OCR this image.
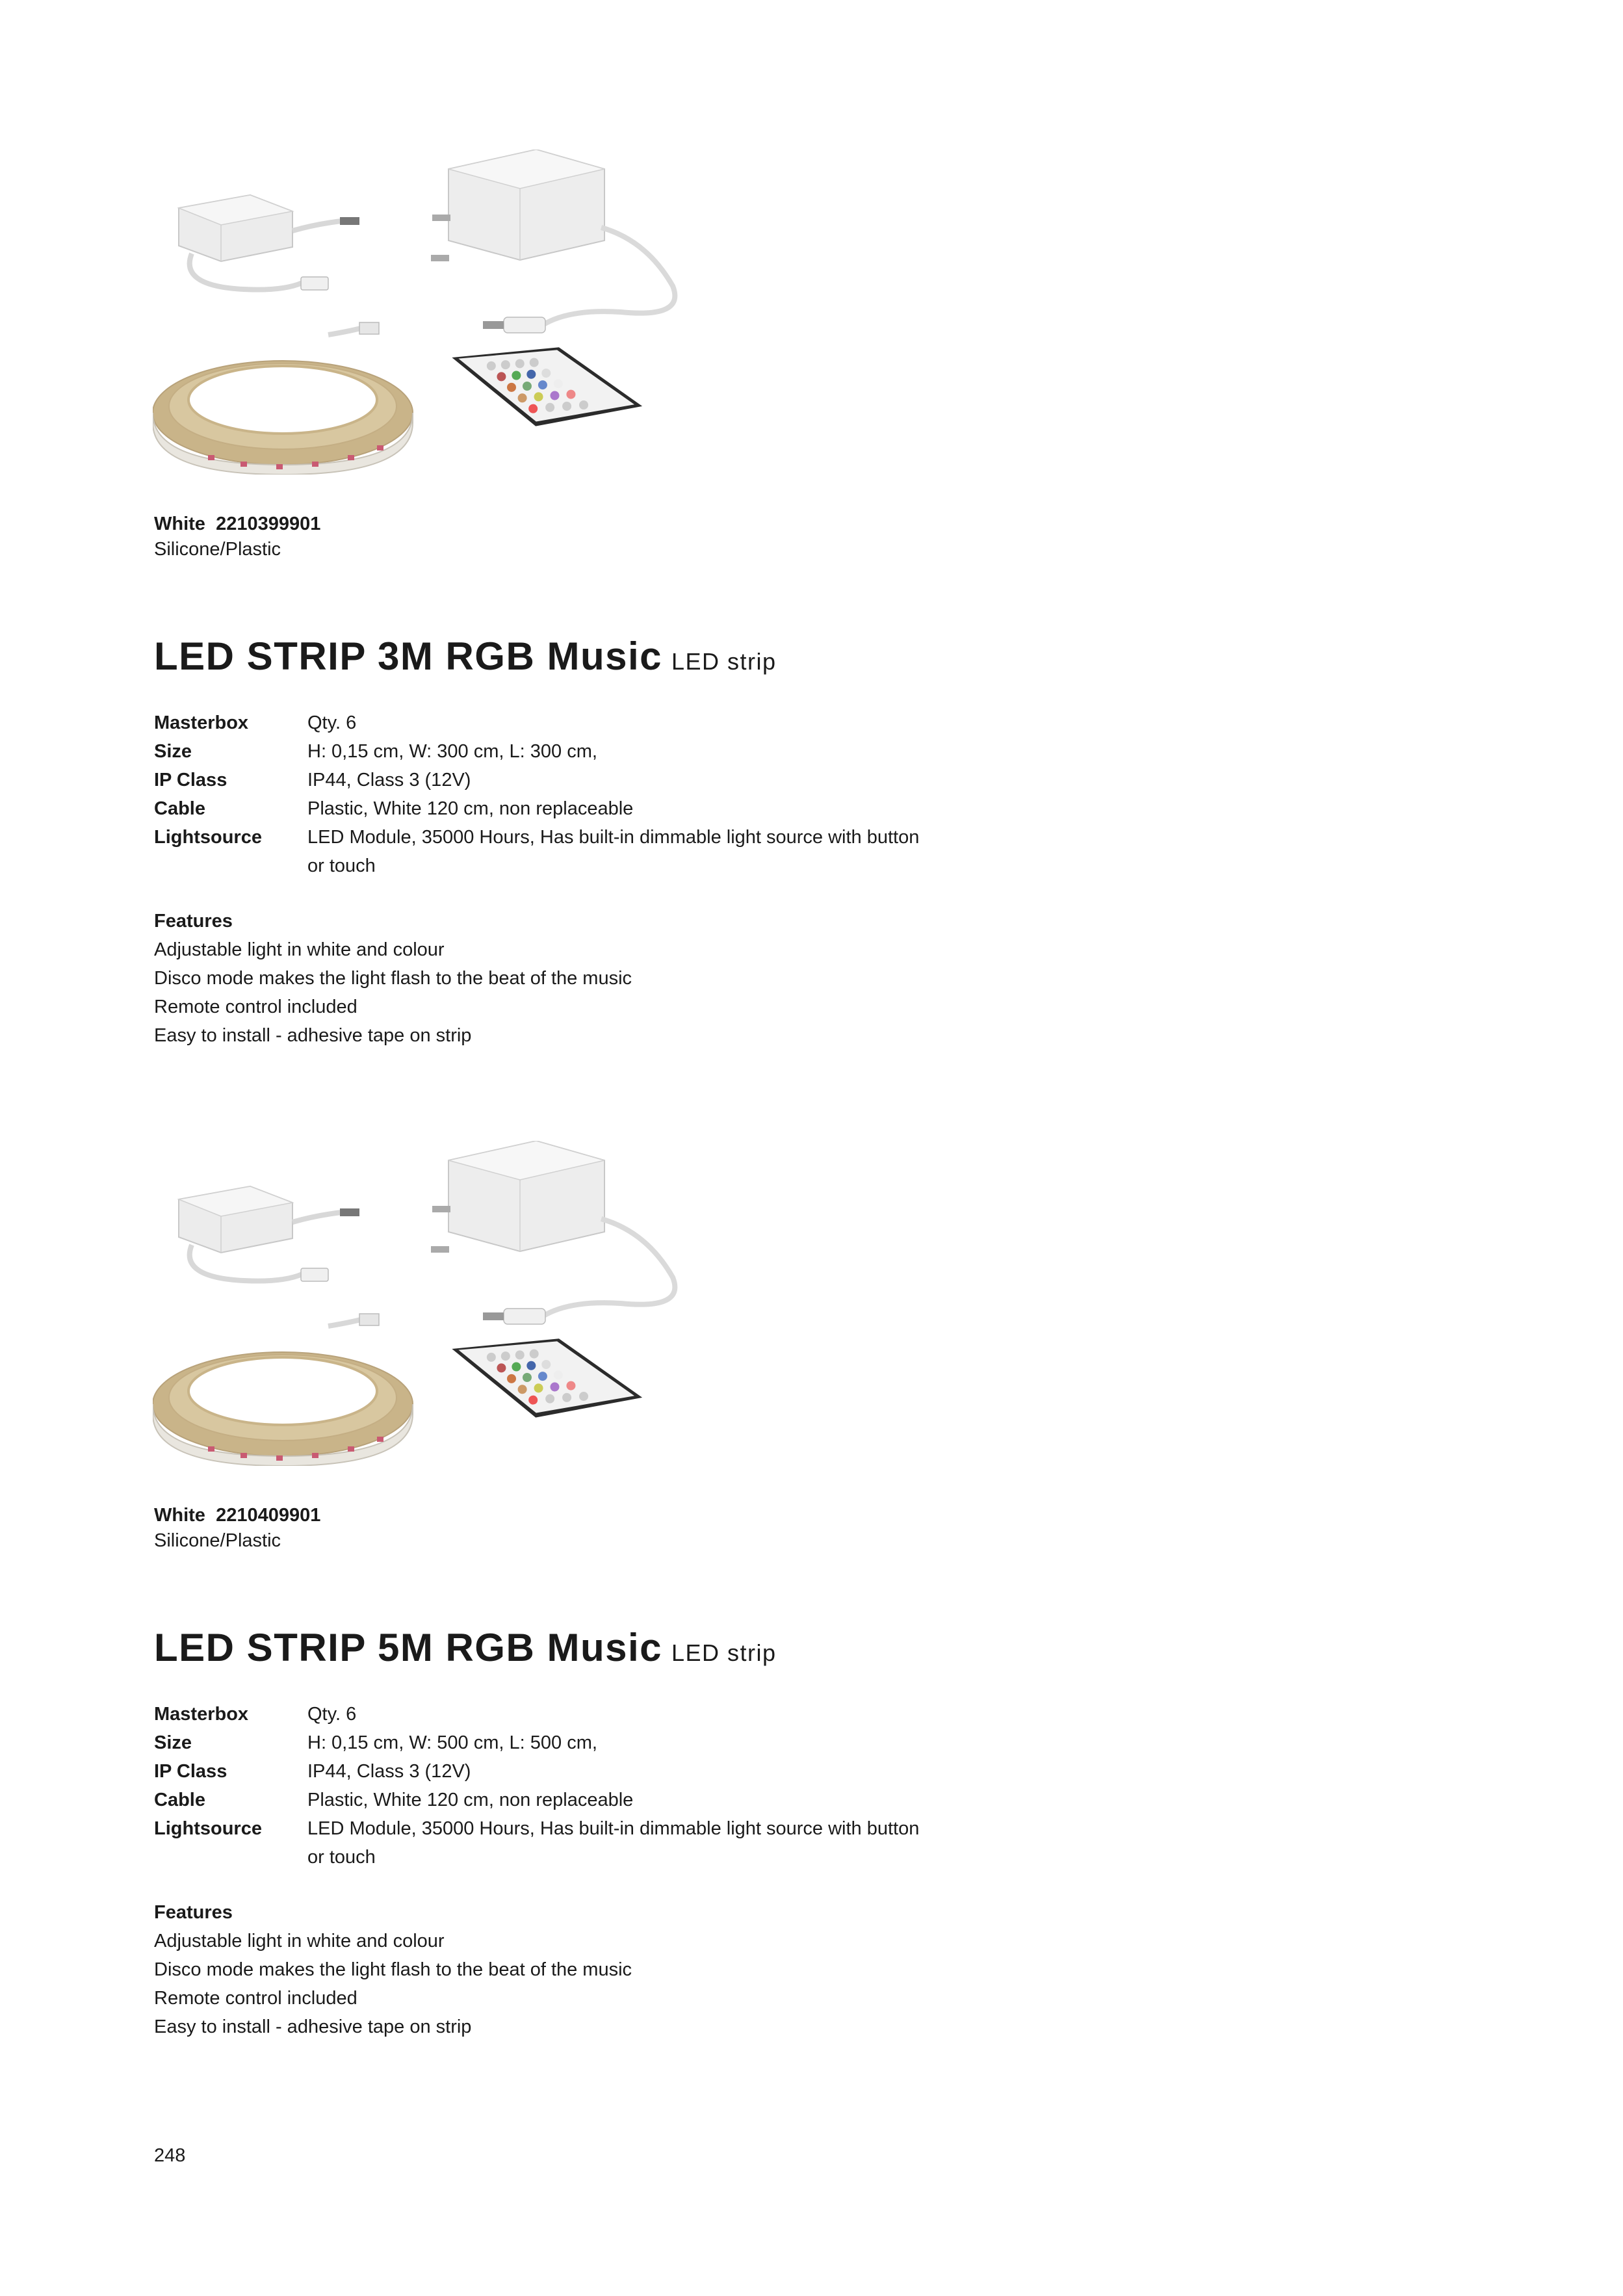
White 2210399901
Silicone/Plastic
LED STRIP 3M RGB Music LED strip
Masterbox	Qty. 6
Size	H: 0,15 cm, W: 300 cm, L: 300 cm,
IP Class	IP44, Class 3 (12V)
Cable	Plastic, White 120 cm, non replaceable
Lightsource	LED Module, 35000 Hours, Has built-in dimmable light source with button or touch
Features
Adjustable light in white and colour
Disco mode makes the light flash to the beat of the music
Remote control included
Easy to install - adhesive tape on strip
White 2210409901
Silicone/Plastic
LED STRIP 5M RGB Music LED strip
Masterbox	Qty. 6
Size	H: 0,15 cm, W: 500 cm, L: 500 cm,
IP Class	IP44, Class 3 (12V)
Cable	Plastic, White 120 cm, non replaceable
Lightsource	LED Module, 35000 Hours, Has built-in dimmable light source with button or touch
Features
Adjustable light in white and colour
Disco mode makes the light flash to the beat of the music
Remote control included
Easy to install - adhesive tape on strip
248
